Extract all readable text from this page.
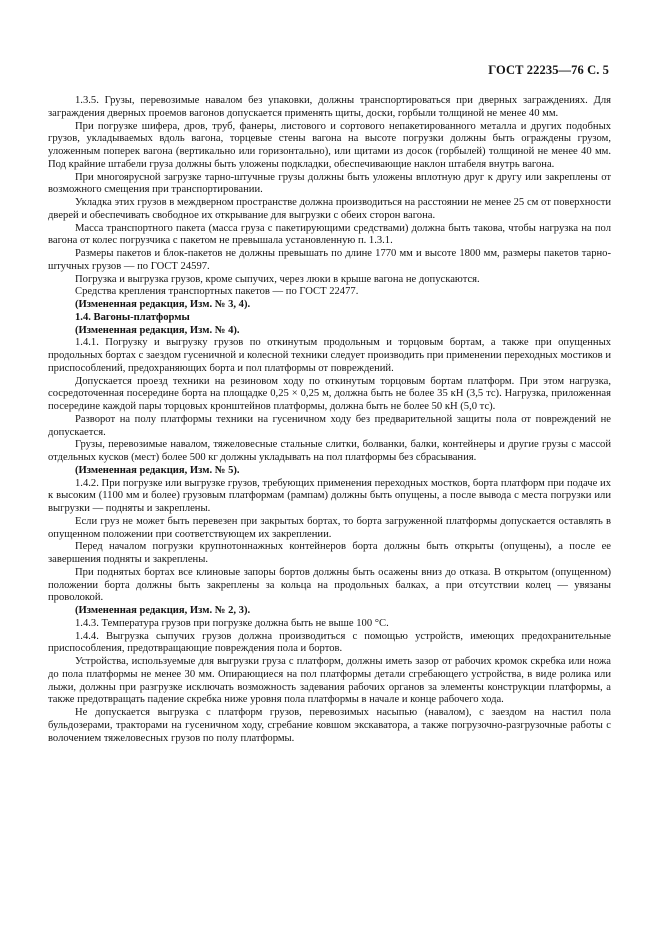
ГОСТ 22235—76 С. 5

1.3.5. Грузы, перевозимые навалом без упаковки, должны транспортироваться при дверных заграждениях. Для заграждения дверных проемов вагонов допускается применять щиты, доски, горбыли толщиной не менее 40 мм.

При погрузке шифера, дров, труб, фанеры, листового и сортового непакетированного металла и других подобных грузов, укладываемых вдоль вагона, торцевые стены вагона на высоте погрузки должны быть ограждены грузом, уложенным поперек вагона (вертикально или горизонтально), или щитами из досок (горбылей) толщиной не менее 40 мм. Под крайние штабели груза должны быть уложены подкладки, обеспечивающие наклон штабеля внутрь вагона.

При многоярусной загрузке тарно-штучные грузы должны быть уложены вплотную друг к другу или закреплены от возможного смещения при транспортировании.

Укладка этих грузов в междверном пространстве должна производиться на расстоянии не менее 25 см от поверхности дверей и обеспечивать свободное их открывание для выгрузки с обеих сторон вагона.

Масса транспортного пакета (масса груза с пакетирующими средствами) должна быть такова, чтобы нагрузка на пол вагона от колес погрузчика с пакетом не превышала установленную п. 1.3.1.

Размеры пакетов и блок-пакетов не должны превышать по длине 1770 мм и высоте 1800 мм, размеры пакетов тарно-штучных грузов — по ГОСТ 24597.

Погрузка и выгрузка грузов, кроме сыпучих, через люки в крыше вагона не допускаются.

Средства крепления транспортных пакетов — по ГОСТ 22477.

(Измененная редакция, Изм. № 3, 4).

1.4. Вагоны-платформы

(Измененная редакция, Изм. № 4).

1.4.1. Погрузку и выгрузку грузов по откинутым продольным и торцовым бортам, а также при опущенных продольных бортах с заездом гусеничной и колесной техники следует производить при применении переходных мостиков и приспособлений, предохраняющих борта и пол платформы от повреждений.

Допускается проезд техники на резиновом ходу по откинутым торцовым бортам платформ. При этом нагрузка, сосредоточенная посередине борта на площадке 0,25 × 0,25 м, должна быть не более 35 кН (3,5 тс). Нагрузка, приложенная посередине каждой пары торцовых кронштейнов платформы, должна быть не более 50 кН (5,0 тс).

Разворот на полу платформы техники на гусеничном ходу без предварительной защиты пола от повреждений не допускается.

Грузы, перевозимые навалом, тяжеловесные стальные слитки, болванки, балки, контейнеры и другие грузы с массой отдельных кусков (мест) более 500 кг должны укладывать на пол платформы без сбрасывания.

(Измененная редакция, Изм. № 5).

1.4.2. При погрузке или выгрузке грузов, требующих применения переходных мостков, борта платформ при подаче их к высоким (1100 мм и более) грузовым платформам (рампам) должны быть опущены, а после вывода с места погрузки или выгрузки — подняты и закреплены.

Если груз не может быть перевезен при закрытых бортах, то борта загруженной платформы допускается оставлять в опущенном положении при соответствующем их закреплении.

Перед началом погрузки крупнотоннажных контейнеров борта должны быть открыты (опущены), а после ее завершения подняты и закреплены.

При поднятых бортах все клиновые запоры бортов должны быть осажены вниз до отказа. В открытом (опущенном) положении борта должны быть закреплены за кольца на продольных балках, а при отсутствии колец — увязаны проволокой.

(Измененная редакция, Изм. № 2, 3).

1.4.3. Температура грузов при погрузке должна быть не выше 100 °С.

1.4.4. Выгрузка сыпучих грузов должна производиться с помощью устройств, имеющих предохранительные приспособления, предотвращающие повреждения пола и бортов.

Устройства, используемые для выгрузки груза с платформ, должны иметь зазор от рабочих кромок скребка или ножа до пола платформы не менее 30 мм. Опирающиеся на пол платформы детали сгребающего устройства, в виде ролика или лыжи, должны при разгрузке исключать возможность задевания рабочих органов за элементы конструкции платформы, а также предотвращать падение скребка ниже уровня пола платформы в начале и конце рабочего хода.

Не допускается выгрузка с платформ грузов, перевозимых насыпью (навалом), с заездом на настил пола бульдозерами, тракторами на гусеничном ходу, сгребание ковшом экскаватора, а также погрузочно-разгрузочные работы с волочением тяжеловесных грузов по полу платформы.
